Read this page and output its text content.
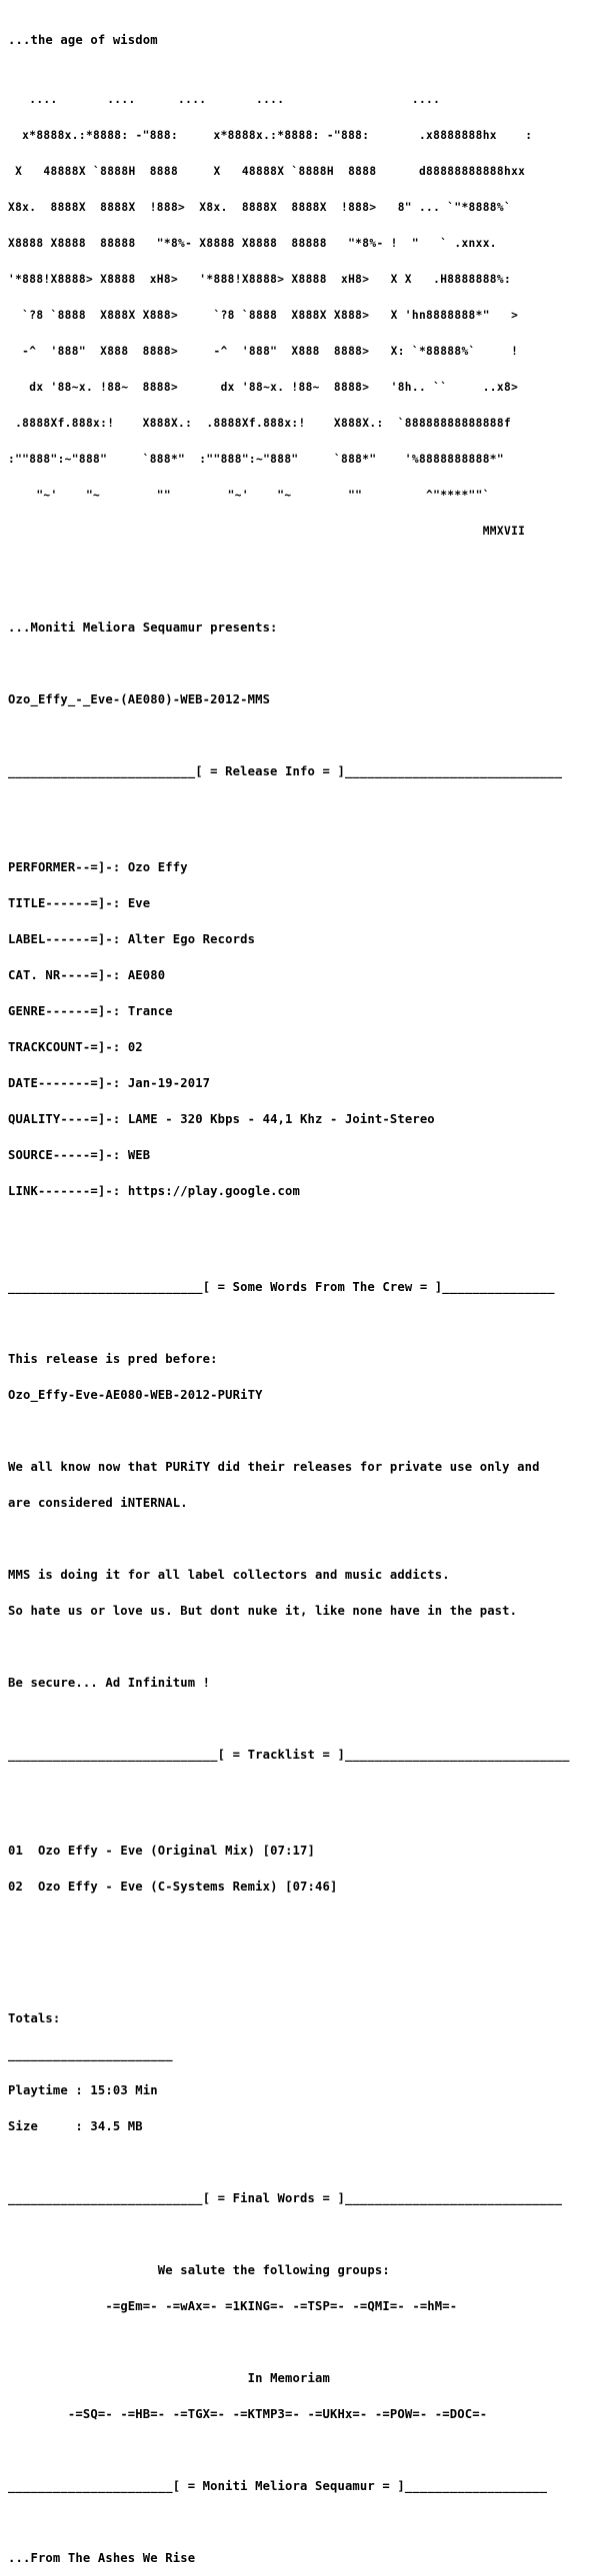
...the age of wisdom

....       ....      ....       ....                  ....

x*8888x.:*8888: -"888:     x*8888x.:*8888: -"888:       .x8888888hx    :

X   48888X `8888H  8888     X   48888X `8888H  8888      d88888888888hxx

X8x.  8888X  8888X  !888>  X8x.  8888X  8888X  !888>   8" ... `"*8888%`

X8888 X8888  88888   "*8%- X8888 X8888  88888   "*8%- !  "   ` .xnxx.

'*888!X8888> X8888  xH8>   '*888!X8888> X8888  xH8>   X X   .H8888888%:

`?8 `8888  X888X X888>     `?8 `8888  X888X X888>   X 'hn8888888*"   >

-^  '888"  X888  8888>     -^  '888"  X888  8888>   X: `*88888%`     !

dx '88~x. !88~  8888>      dx '88~x. !88~  8888>   '8h.. ``     ..x8>

.8888Xf.888x:!    X888X.:  .8888Xf.888x:!    X888X.:  `88888888888888f

:""888":~"888"     `888*"  :""888":~"888"     `888*"    '%8888888888*"

"~'    "~        ""        "~'    "~        ""         ^"****""`

MMXVII

...Moniti Meliora Sequamur presents:

Ozo_Effy_-_Eve-(AE080)-WEB-2012-MMS

_________________________[ = Release Info = ]_____________________________

PERFORMER--=]-: Ozo Effy

TITLE------=]-: Eve

LABEL------=]-: Alter Ego Records

CAT. NR----=]-: AE080

GENRE------=]-: Trance

TRACKCOUNT-=]-: 02

DATE-------=]-: Jan-19-2017

QUALITY----=]-: LAME - 320 Kbps - 44,1 Khz - Joint-Stereo

SOURCE-----=]-: WEB

LINK-------=]-: https://play.google.com

__________________________[ = Some Words From The Crew = ]_______________

This release is pred before:

Ozo_Effy-Eve-AE080-WEB-2012-PURiTY

We all know now that PURiTY did their releases for private use only and

are considered iNTERNAL.

MMS is doing it for all label collectors and music addicts.

So hate us or love us. But dont nuke it, like none have in the past.

Be secure... Ad Infinitum !

____________________________[ = Tracklist = ]______________________________

01 Ozo Effy - Eve (Original Mix) [07:17]

02 Ozo Effy - Eve (C-Systems Remix) [07:46]

Totals:

______________________

Playtime : 15:03 Min

Size     : 34.5 MB

__________________________[ = Final Words = ]_____________________________

We salute the following groups:

-=gEm=- -=wAx=- =1KING=- -=TSP=- -=QMI=- -=hM=-

In Memoriam

-=SQ=- -=HB=- -=TGX=- -=KTMP3=- -=UKHx=- -=POW=- -=DOC=-

______________________[ = Moniti Meliora Sequamur = ]___________________

...From The Ashes We Rise
